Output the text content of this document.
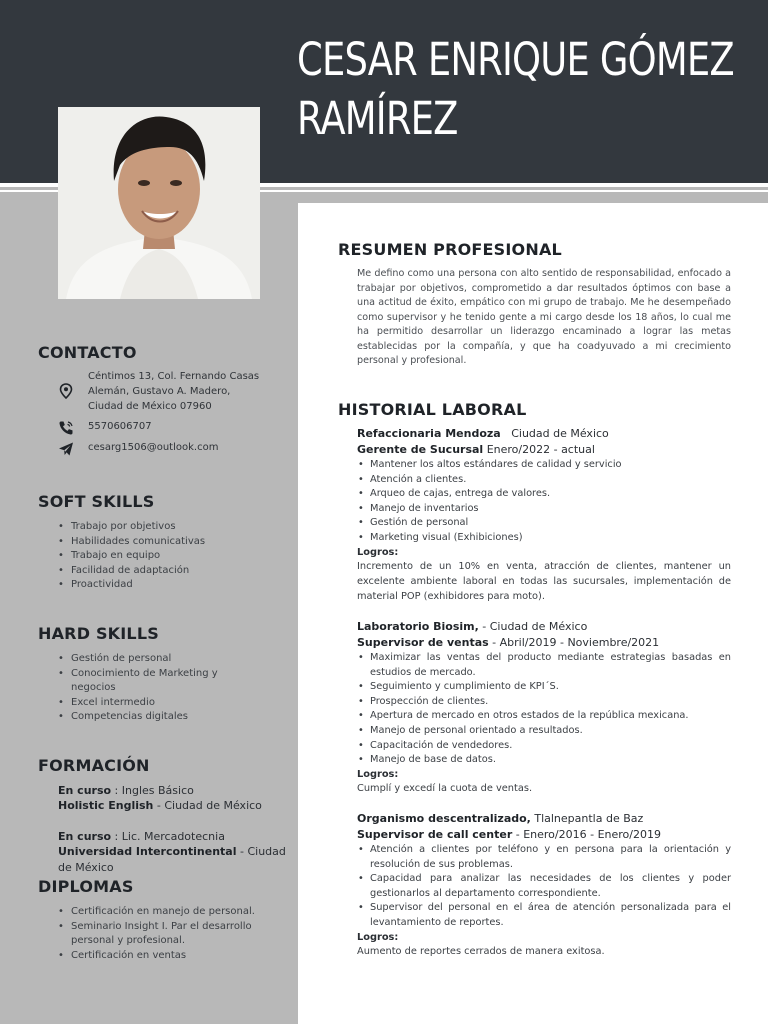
CESAR ENRIQUE GÓMEZ
RAMÍREZ
CONTACTO
Céntimos 13, Col. Fernando Casas
Alemán, Gustavo A. Madero,
Ciudad de México 07960
5570606707
cesarg1506@outlook.com
SOFT SKILLS
• Trabajo por objetivos
• Habilidades comunicativas
• Trabajo en equipo
• Facilidad de adaptación
• Proactividad
HARD SKILLS
• Gestión de personal
• Conocimiento de Marketing y negocios
• Excel intermedio
• Competencias digitales
FORMACIÓN
En curso : Ingles Básico
Holistic English - Ciudad de México
En curso : Lic. Mercadotecnia
Universidad Intercontinental - Ciudad de México
DIPLOMAS
• Certificación en manejo de personal.
• Seminario Insight I. Par el desarrollo personal y profesional.
• Certificación en ventas
RESUMEN PROFESIONAL
Me defino como una persona con alto sentido de responsabilidad, enfocado a trabajar por objetivos, comprometido a dar resultados óptimos con base a una actitud de éxito, empático con mi grupo de trabajo. Me he desempeñado como supervisor y he tenido gente a mi cargo desde los 18 años, lo cual me ha permitido desarrollar un liderazgo encaminado a lograr las metas establecidas por la compañía, y que ha coadyuvado a mi crecimiento personal y profesional.
HISTORIAL LABORAL
Refaccionaria Mendoza   Ciudad de México
Gerente de Sucursal Enero/2022 - actual
• Mantener los altos estándares de calidad y servicio
• Atención a clientes.
• Arqueo de cajas, entrega de valores.
• Manejo de inventarios
• Gestión de personal
• Marketing visual (Exhibiciones)
Logros:
Incremento de un 10% en venta, atracción de clientes, mantener un excelente ambiente laboral en todas las sucursales, implementación de material POP (exhibidores para moto).
Laboratorio Biosim, - Ciudad de México
Supervisor de ventas - Abril/2019 - Noviembre/2021
• Maximizar las ventas del producto mediante estrategias basadas en estudios de mercado.
• Seguimiento y cumplimiento de KPI´S.
• Prospección de clientes.
• Apertura de mercado en otros estados de la república mexicana.
• Manejo de personal orientado a resultados.
• Capacitación de vendedores.
• Manejo de base de datos.
Logros:
Cumplí y excedí la cuota de ventas.
Organismo descentralizado, Tlalnepantla de Baz
Supervisor de call center - Enero/2016 - Enero/2019
• Atención a clientes por teléfono y en persona para la orientación y resolución de sus problemas.
• Capacidad para analizar las necesidades de los clientes y poder gestionarlos al departamento correspondiente.
• Supervisor del personal en el área de atención personalizada para el levantamiento de reportes.
Logros:
Aumento de reportes cerrados de manera exitosa.
